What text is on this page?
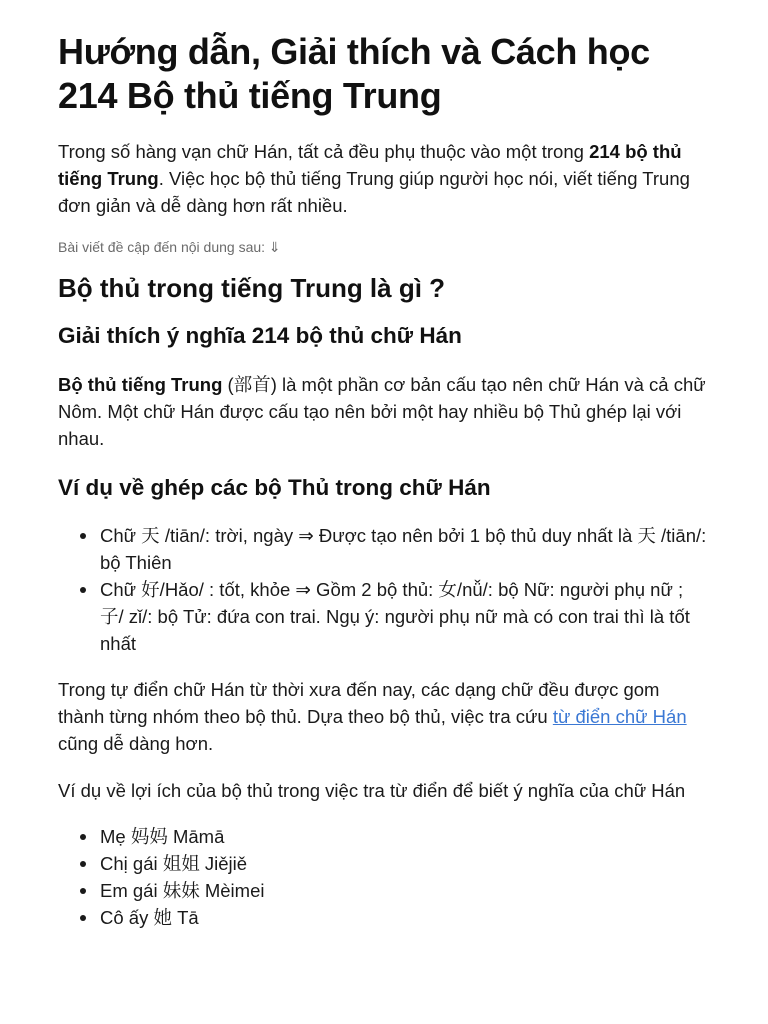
Hướng dẫn, Giải thích và Cách học 214 Bộ thủ tiếng Trung

Trong số hàng vạn chữ Hán, tất cả đều phụ thuộc vào một trong 214 bộ thủ tiếng Trung. Việc học bộ thủ tiếng Trung giúp người học nói, viết tiếng Trung đơn giản và dễ dàng hơn rất nhiều.

Bài viết đề cập đến nội dung sau: ⇓
Bộ thủ trong tiếng Trung là gì ?
Giải thích ý nghĩa 214 bộ thủ chữ Hán

Bộ thủ tiếng Trung (部首) là một phần cơ bản cấu tạo nên chữ Hán và cả chữ Nôm. Một chữ Hán được cấu tạo nên bởi một hay nhiều bộ Thủ ghép lại với nhau.

Ví dụ về ghép các bộ Thủ trong chữ Hán
Chữ 天 /tiān/: trời, ngày ⇒ Được tạo nên bởi 1 bộ thủ duy nhất là 天 /tiān/: bộ Thiên
Chữ 好/Hǎo/ : tốt, khỏe ⇒ Gồm 2 bộ thủ: 女/nǚ/: bộ Nữ: người phụ nữ ; 子/ zǐ/: bộ Tử: đứa con trai. Ngụ ý: người phụ nữ mà có con trai thì là tốt nhất

Trong tự điển chữ Hán từ thời xưa đến nay, các dạng chữ đều được gom thành từng nhóm theo bộ thủ. Dựa theo bộ thủ, việc tra cứu từ điển chữ Hán cũng dễ dàng hơn.

Ví dụ về lợi ích của bộ thủ trong việc tra từ điển để biết ý nghĩa của chữ Hán

Mẹ 妈妈 Māmā
Chị gái 姐姐 Jiějiě
Em gái 妹妹 Mèimei
Cô ấy 她 Tā
